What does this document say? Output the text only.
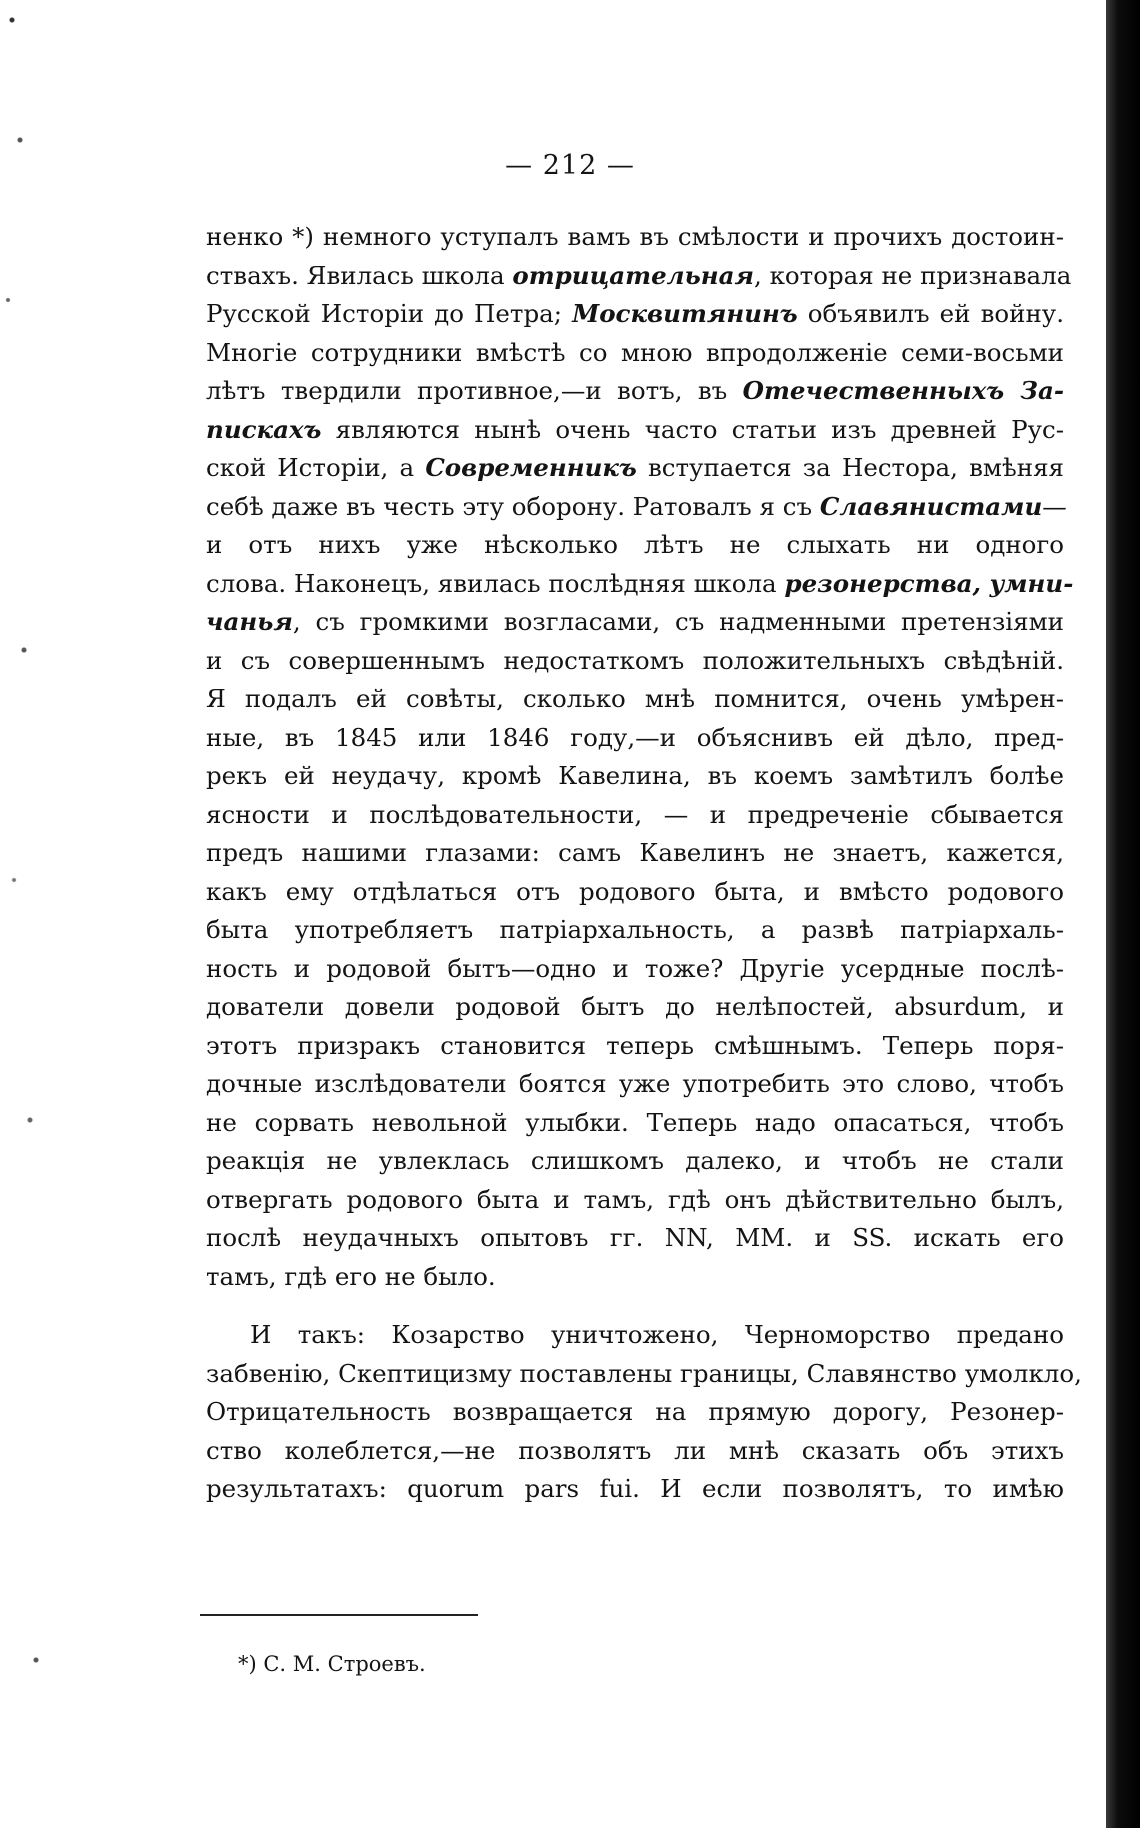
— 212 —
ненко *) немного уступалъ вамъ въ смѣлости и прочихъ достоин-
ствахъ. Явилась школа отрицательная, которая не признавала
Русской Исторіи до Петра; Москвитянинъ объявилъ ей войну.
Многіе сотрудники вмѣстѣ со мною впродолженіе семи-восьми
лѣтъ твердили противное,—и вотъ, въ Отечественныхъ За-
пискахъ являются нынѣ очень часто статьи изъ древней Рус-
ской Исторіи, а Современникъ вступается за Нестора, вмѣняя
себѣ даже въ честь эту оборону. Ратовалъ я съ Славянистами—
и отъ нихъ уже нѣсколько лѣтъ не слыхать ни одного
слова. Наконецъ, явилась послѣдняя школа резонерства, умни-
чанья, съ громкими возгласами, съ надменными претензіями
и съ совершеннымъ недостаткомъ положительныхъ свѣдѣній.
Я подалъ ей совѣты, сколько мнѣ помнится, очень умѣрен-
ные, въ 1845 или 1846 году,—и объяснивъ ей дѣло, пред-
рекъ ей неудачу, кромѣ Кавелина, въ коемъ замѣтилъ болѣе
ясности и послѣдовательности, — и предреченіе сбывается
предъ нашими глазами: самъ Кавелинъ не знаетъ, кажется,
какъ ему отдѣлаться отъ родового быта, и вмѣсто родового
быта употребляетъ патріархальность, а развѣ патріархаль-
ность и родовой бытъ—одно и тоже? Другіе усердные послѣ-
дователи довели родовой бытъ до нелѣпостей, absurdum, и
этотъ призракъ становится теперь смѣшнымъ. Теперь поря-
дочные изслѣдователи боятся уже употребить это слово, чтобъ
не сорвать невольной улыбки. Теперь надо опасаться, чтобъ
реакція не увлеклась слишкомъ далеко, и чтобъ не стали
отвергать родового быта и тамъ, гдѣ онъ дѣйствительно былъ,
послѣ неудачныхъ опытовъ гг. NN, MM. и SS. искать его
тамъ, гдѣ его не было.
И такъ: Козарство уничтожено, Черноморство предано
забвенію, Скептицизму поставлены границы, Славянство умолкло,
Отрицательность возвращается на прямую дорогу, Резонер-
ство колеблется,—не позволятъ ли мнѣ сказать объ этихъ
результатахъ: quorum pars fui. И если позволятъ, то имѣю
*) С. М. Строевъ.
